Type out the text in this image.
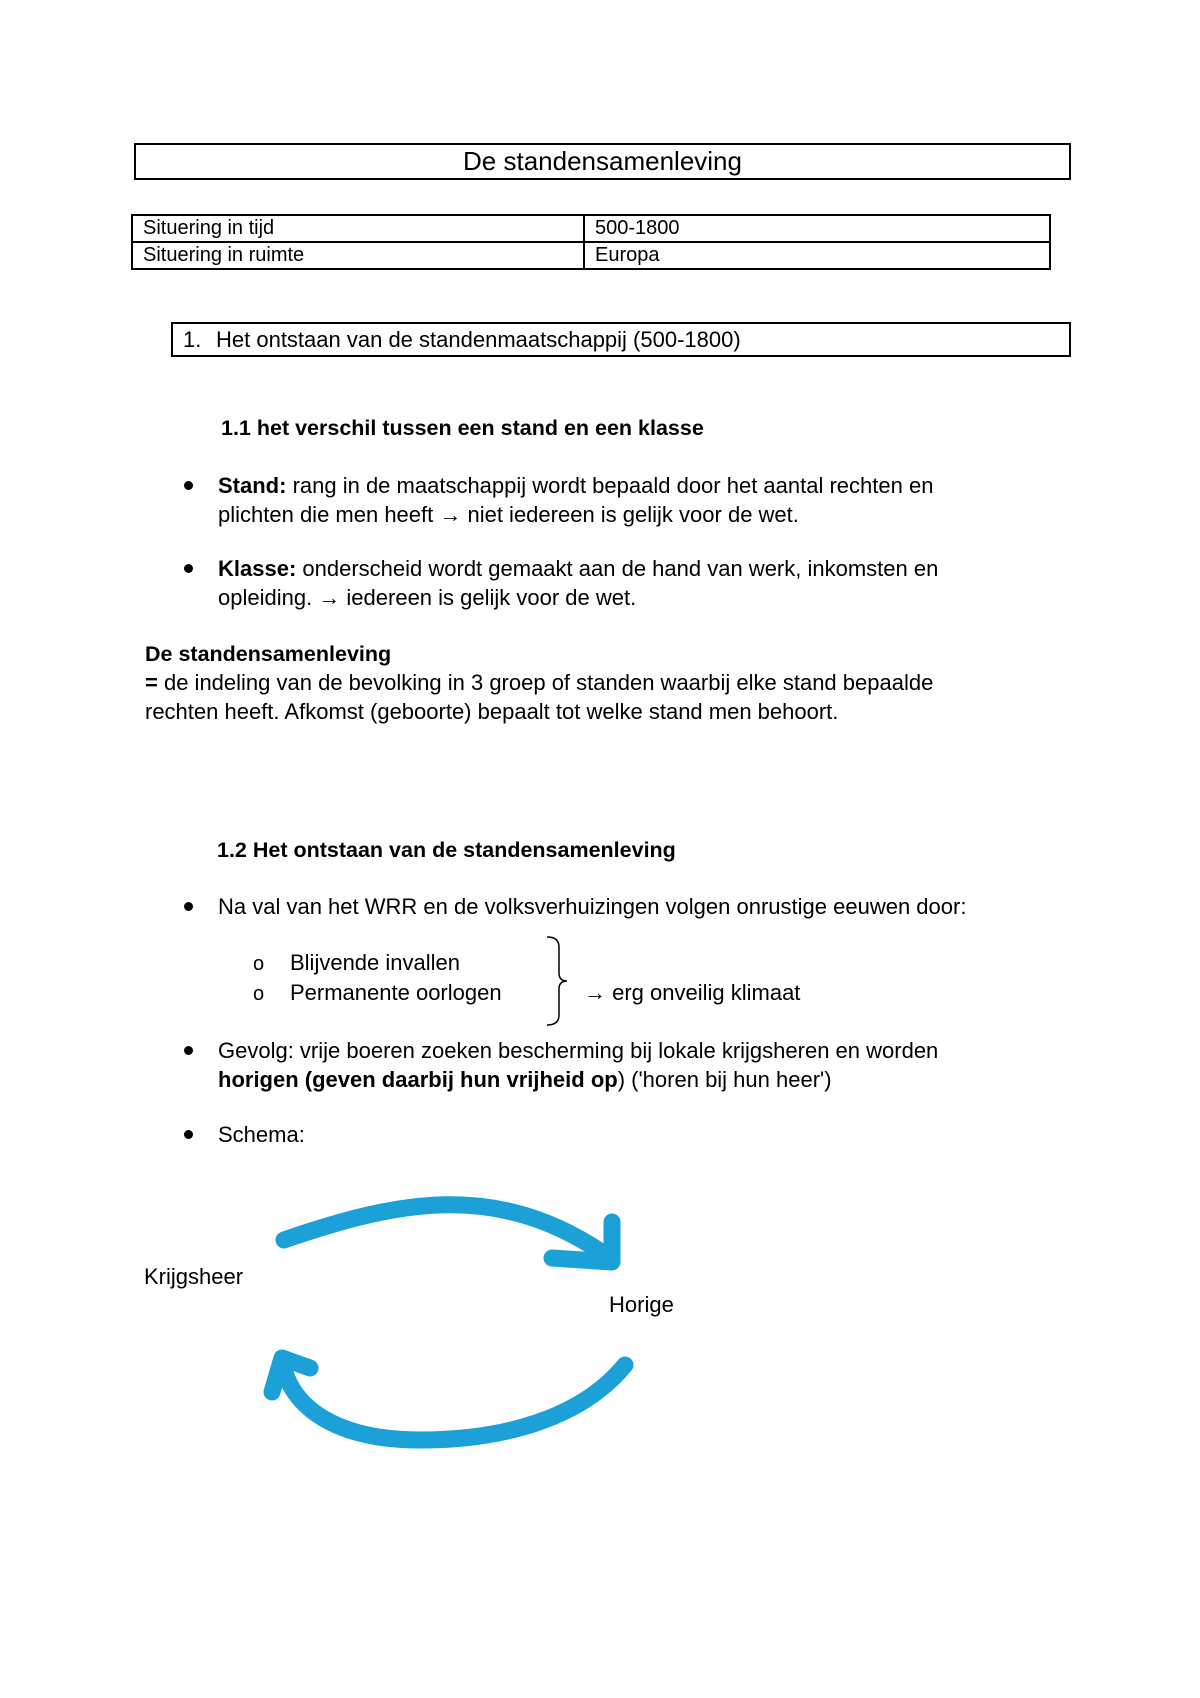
De standensamenleving
Situering in tijd	500-1800
Situering in ruimte	Europa
1. Het ontstaan van de standenmaatschappij (500-1800)
1.1 het verschil tussen een stand en een klasse
Stand: rang in de maatschappij wordt bepaald door het aantal rechten en
plichten die men heeft → niet iedereen is gelijk voor de wet.
Klasse: onderscheid wordt gemaakt aan de hand van werk, inkomsten en
opleiding. → iedereen is gelijk voor de wet.
De standensamenleving
= de indeling van de bevolking in 3 groep of standen waarbij elke stand bepaalde
rechten heeft. Afkomst (geboorte) bepaalt tot welke stand men behoort.
1.2 Het ontstaan van de standensamenleving
Na val van het WRR en de volksverhuizingen volgen onrustige eeuwen door:
o Blijvende invallen
o Permanente oorlogen	→ erg onveilig klimaat
Gevolg: vrije boeren zoeken bescherming bij lokale krijgsheren en worden
horigen (geven daarbij hun vrijheid op) ('horen bij hun heer')
Schema:
Krijgsheer
Horige
